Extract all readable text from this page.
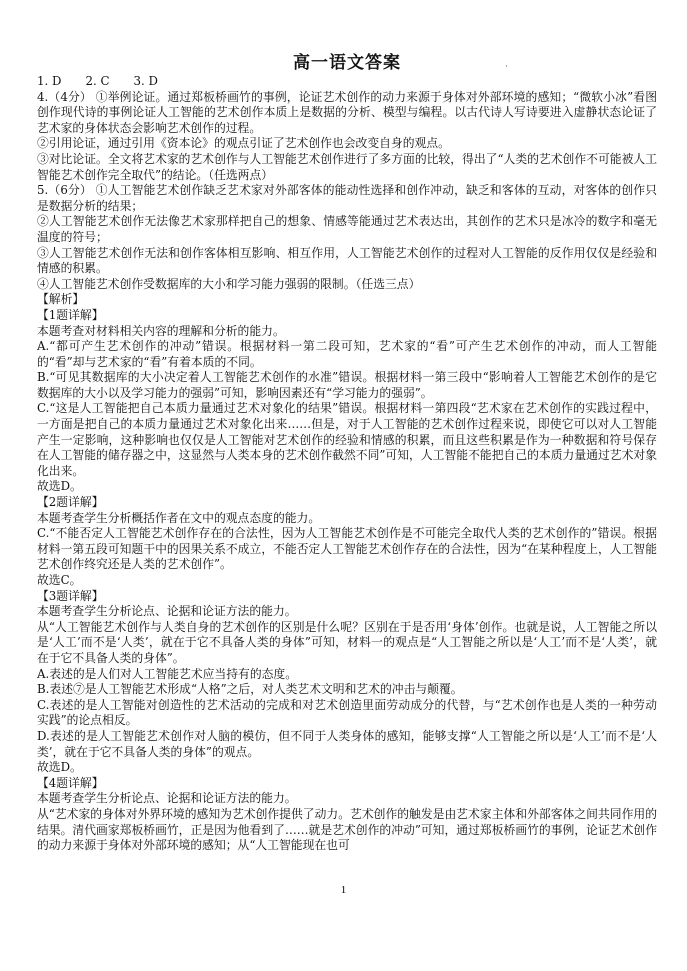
高一语文答案
1. D 2. C 3. D

4.（4分） ①举例论证。通过郑板桥画竹的事例，论证艺术创作的动力来源于身体对外部环境的感知；“微软小冰”看图创作现代诗的事例论证人工智能的艺术创作本质上是数据的分析、模型与编程。以古代诗人写诗要进入虚静状态论证了艺术家的身体状态会影响艺术创作的过程。

②引用论证，通过引用《资本论》的观点引证了艺术创作也会改变自身的观点。

③对比论证。全文将艺术家的艺术创作与人工智能艺术创作进行了多方面的比较，得出了“人类的艺术创作不可能被人工智能艺术创作完全取代”的结论。（任选两点）

5.（6分） ①人工智能艺术创作缺乏艺术家对外部客体的能动性选择和创作冲动，缺乏和客体的互动，对客体的创作只是数据分析的结果；

②人工智能艺术创作无法像艺术家那样把自己的想象、情感等能通过艺术表达出，其创作的艺术只是冰冷的数字和毫无温度的符号；

③人工智能艺术创作无法和创作客体相互影响、相互作用，人工智能艺术创作的过程对人工智能的反作用仅仅是经验和情感的积累。

④人工智能艺术创作受数据库的大小和学习能力强弱的限制。（任选三点）

【解析】

【1题详解】

本题考查对材料相关内容的理解和分析的能力。

A.“都可产生艺术创作的冲动”错误。根据材料一第二段可知，艺术家的“看”可产生艺术创作的冲动，而人工智能的“看”却与艺术家的“看”有着本质的不同。

B.“可见其数据库的大小决定着人工智能艺术创作的水准”错误。根据材料一第三段中“影响着人工智能艺术创作的是它数据库的大小以及学习能力的强弱”可知，影响因素还有“学习能力的强弱”。

C.“这是人工智能把自己本质力量通过艺术对象化的结果”错误。根据材料一第四段“艺术家在艺术创作的实践过程中，一方面是把自己的本质力量通过艺术对象化出来……但是，对于人工智能的艺术创作过程来说，即使它可以对人工智能产生一定影响，这种影响也仅仅是人工智能对艺术创作的经验和情感的积累，而且这些积累是作为一种数据和符号保存在人工智能的储存器之中，这显然与人类本身的艺术创作截然不同”可知，人工智能不能把自己的本质力量通过艺术对象化出来。

故选D。

【2题详解】

本题考查学生分析概括作者在文中的观点态度的能力。

C.“不能否定人工智能艺术创作存在的合法性，因为人工智能艺术创作是不可能完全取代人类的艺术创作的”错误。根据材料一第五段可知题干中的因果关系不成立，不能否定人工智能艺术创作存在的合法性，因为“在某种程度上，人工智能艺术创作终究还是人类的艺术创作”。

故选C。

【3题详解】

本题考查学生分析论点、论据和论证方法的能力。

从“人工智能艺术创作与人类自身的艺术创作的区别是什么呢？区别在于是否用‘身体’创作。也就是说，人工智能之所以是‘人工’而不是‘人类’，就在于它不具备人类的身体”可知，材料一的观点是“人工智能之所以是‘人工’而不是‘人类’，就在于它不具备人类的身体”。

A.表述的是人们对人工智能艺术应当持有的态度。

B.表述⑦是人工智能艺术形成“人格”之后，对人类艺术文明和艺术的冲击与颠覆。

C.表述的是人工智能对创造性的艺术活动的完成和对艺术创造里面劳动成分的代替，与“艺术创作也是人类的一种劳动实践”的论点相反。

D.表述的是人工智能艺术创作对人脑的模仿，但不同于人类身体的感知，能够支撑“人工智能之所以是‘人工’而不是‘人类’，就在于它不具备人类的身体”的观点。

故选D。

【4题详解】

本题考查学生分析论点、论据和论证方法的能力。

从“艺术家的身体对外界环境的感知为艺术创作提供了动力。艺术创作的触发是由艺术家主体和外部客体之间共同作用的结果。清代画家郑板桥画竹，正是因为他看到了……就是艺术创作的冲动”可知，通过郑板桥画竹的事例，论证艺术创作的动力来源于身体对外部环境的感知；从“人工智能现在也可

·
1
